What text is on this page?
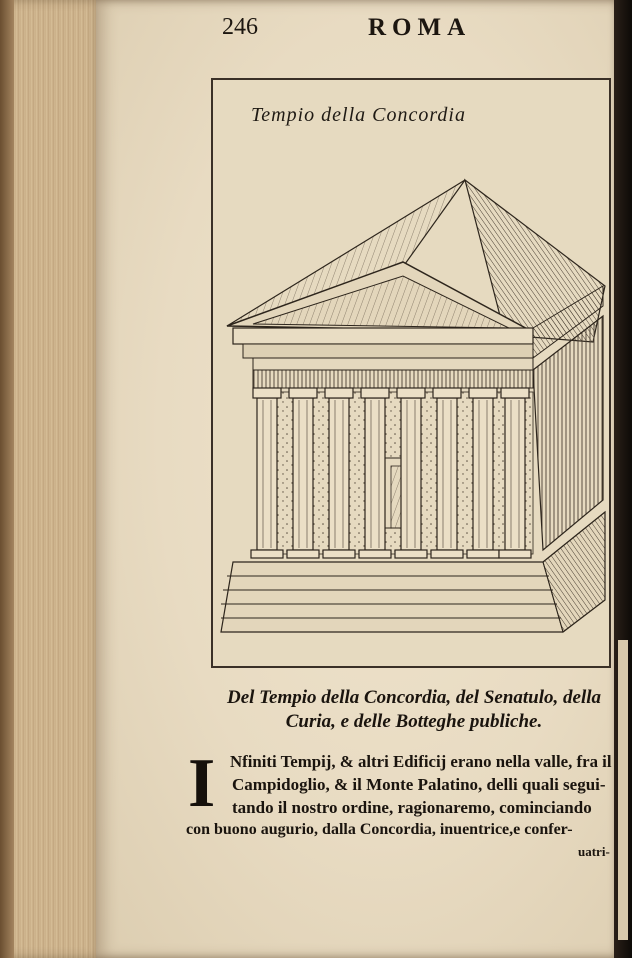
246	ROMA
Tempio della Concordia
Del Tempio della Concordia, del Senatulo, della
Curia, e delle Botteghe publiche.
I Nfiniti Tempij, & altri Edificij erano nella valle, fra il
Campidoglio, & il Monte Palatino, delli quali segui-
tando il nostro ordine, ragionaremo, cominciando
con buono augurio, dalla Concordia, inuentrice,e confer-
uatri-
